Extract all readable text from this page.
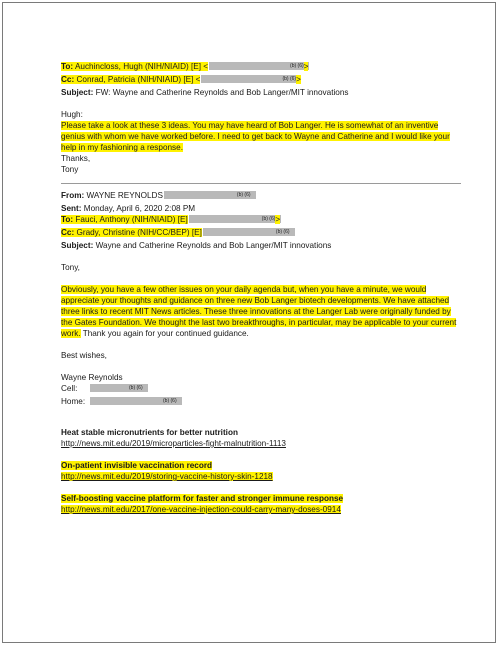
To: Auchincloss, Hugh (NIH/NIAID) [E] <	$^{(b) (6)}$>
Cc: Conrad, Patricia (NIH/NIAID) [E] <	$^{(b) (6)}$>
Subject: FW: Wayne and Catherine Reynolds and Bob Langer/MIT innovations
Hugh:
Please take a look at these 3 ideas. You may have heard of Bob Langer. He is somewhat of an inventive genius with whom we have worked before. I need to get back to Wayne and Catherine and I would like your help in my fashioning a response.
Thanks,
Tony
From: WAYNE REYNOLDS	$^{(b) (6)}$
Sent: Monday, April 6, 2020 2:08 PM
To: Fauci, Anthony (NIH/NIAID) [E]	$^{(b) (6)}$>
Cc: Grady, Christine (NIH/CC/BEP) [E]	$^{(b) (6)}$
Subject: Wayne and Catherine Reynolds and Bob Langer/MIT innovations
Tony,
Obviously, you have a few other issues on your daily agenda but, when you have a minute, we would appreciate your thoughts and guidance on three new Bob Langer biotech developments. We have attached three links to recent MIT News articles. These three innovations at the Langer Lab were originally funded by the Gates Foundation. We thought the last two breakthroughs, in particular, may be applicable to your current work. Thank you again for your continued guidance.
Best wishes,
Wayne Reynolds
Cell:	$^{(b) (6)}$
Home:	$^{(b) (6)}$
Heat stable micronutrients for better nutrition
http://news.mit.edu/2019/microparticles-fight-malnutrition-1113
On-patient invisible vaccination record
http://news.mit.edu/2019/storing-vaccine-history-skin-1218
Self-boosting vaccine platform for faster and stronger immune response
http://news.mit.edu/2017/one-vaccine-injection-could-carry-many-doses-0914
